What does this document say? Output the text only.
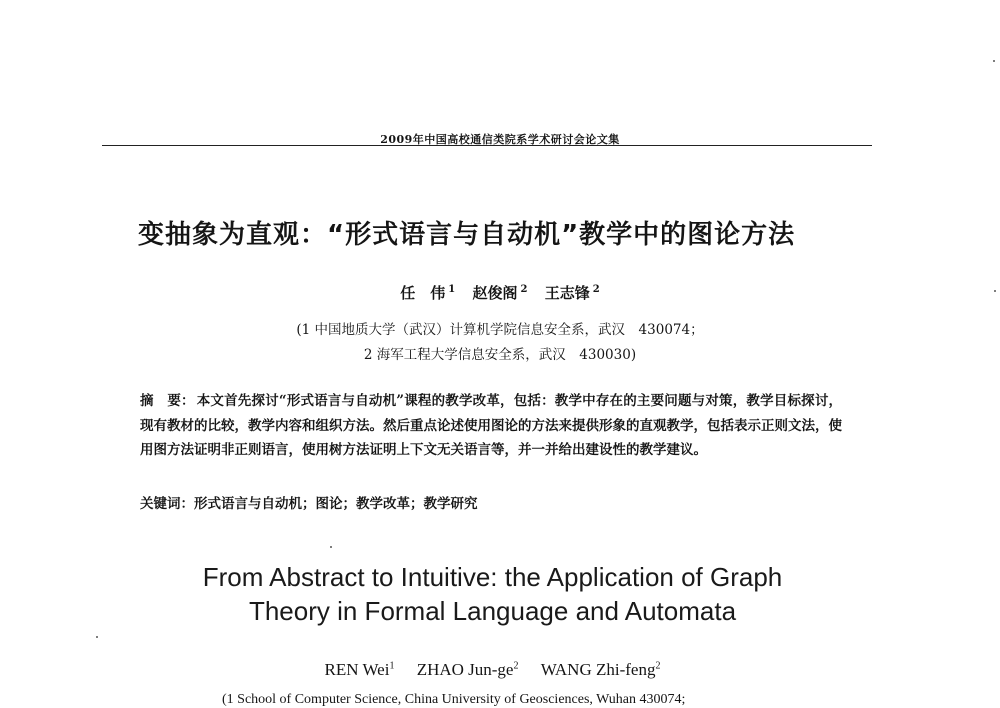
2009年中国高校通信类院系学术研讨会论文集
变抽象为直观：“形式语言与自动机”教学中的图论方法
任　伟 $^1$ 赵俊阁 $^2$ 王志锋 $^2$
(1 中国地质大学（武汉）计算机学院信息安全系，武汉　430074；
2 海军工程大学信息安全系，武汉　430030)
摘　要： 本文首先探讨“形式语言与自动机”课程的教学改革，包括：教学中存在的主要问题与对策，教学目标探讨，现有教材的比较，教学内容和组织方法。然后重点论述使用图论的方法来提供形象的直观教学，包括表示正则文法，使用图方法证明非正则语言，使用树方法证明上下文无关语言等，并一并给出建设性的教学建议。
关键词：形式语言与自动机；图论；教学改革；教学研究
From Abstract to Intuitive: the Application of Graph
Theory in Formal Language and Automata
REN Wei$^1$ ZHAO Jun-$ge^2$ WANG Zhi-feng$^2$
(1 School of Computer Science, China University of Geosciences, Wuhan 430074;
